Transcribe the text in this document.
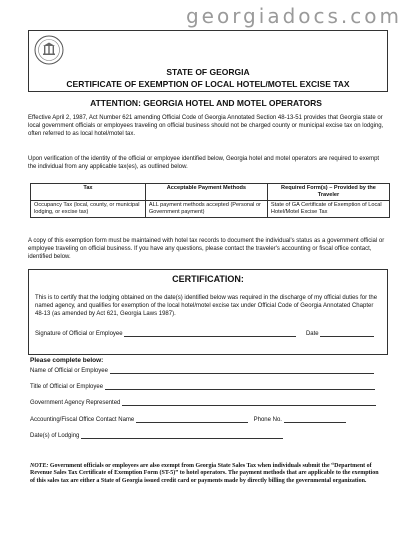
georgiadocs.com
STATE OF GEORGIA
CERTIFICATE OF EXEMPTION OF LOCAL HOTEL/MOTEL EXCISE TAX
ATTENTION: GEORGIA HOTEL AND MOTEL OPERATORS
Effective April 2, 1987, Act Number 621 amending Official Code of Georgia Annotated Section 48-13-51 provides that Georgia state or local government officials or employees traveling on official business should not be charged county or municipal excise tax on lodging, often referred to as local hotel/motel tax.
Upon verification of the identity of the official or employee identified below, Georgia hotel and motel operators are required to exempt the individual from any applicable tax(es), as outlined below.
Tax	Acceptable Payment Methods	Required Form(s) – Provided by the Traveler
Occupancy Tax (local, county, or municipal lodging, or excise tax)	ALL payment methods accepted (Personal or Government payment)	State of GA Certificate of Exemption of Local Hotel/Motel Excise Tax
A copy of this exemption form must be maintained with hotel tax records to document the individual's status as a government official or employee traveling on official business. If you have any questions, please contact the traveler's accounting or fiscal office contact, identified below.
CERTIFICATION:
This is to certify that the lodging obtained on the date(s) identified below was required in the discharge of my official duties for the named agency, and qualifies for exemption of the local hotel/motel excise tax under Official Code of Georgia Annotated Chapter 48-13 (as amended by Act 621, Georgia Laws 1987).
Signature of Official or Employee	Date
Please complete below:
Name of Official or Employee
Title of Official or Employee
Government Agency Represented
Accounting/Fiscal Office Contact Name	Phone No.
Date(s) of Lodging
NOTE: Government officials or employees are also exempt from Georgia State Sales Tax when individuals submit the “Department of Revenue Sales Tax Certificate of Exemption Form (ST-5)” to hotel operators. The payment methods that are applicable to the exemption of this sales tax are either a State of Georgia issued credit card or payments made by directly billing the governmental organization.
